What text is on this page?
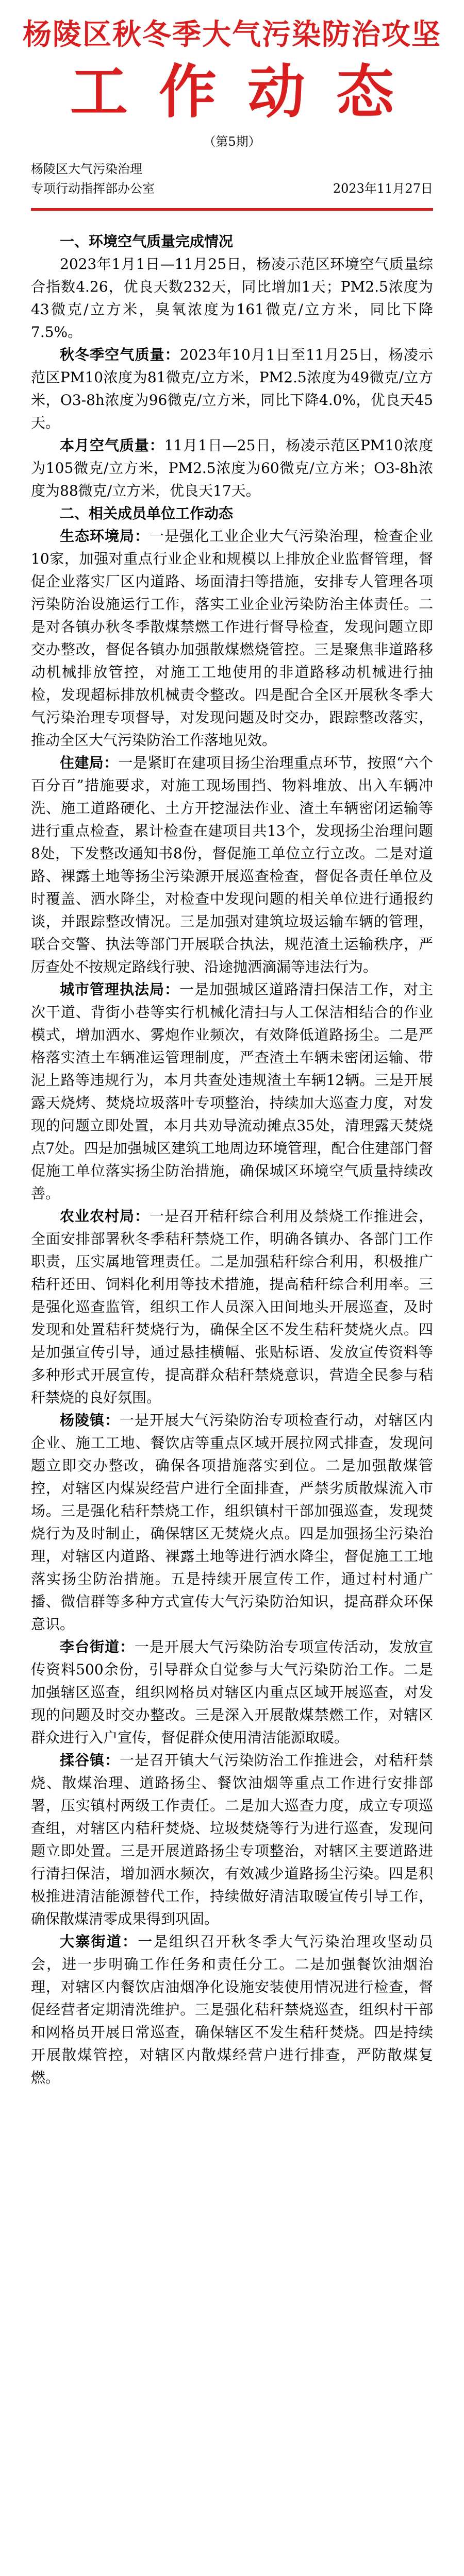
杨陵区秋冬季大气污染防治攻坚
工作动态
（第5期）
杨陵区大气污染治理
专项行动指挥部办公室	2023年11月27日

一、环境空气质量完成情况

2023年1月1日—11月25日，杨凌示范区环境空气质量综合指数4.26，优良天数232天，同比增加1天；PM2.5浓度为43微克/立方米，臭氧浓度为161微克/立方米，同比下降7.5%。

秋冬季空气质量：2023年10月1日至11月25日，杨凌示范区PM10浓度为81微克/立方米，PM2.5浓度为49微克/立方米，O3-8h浓度为96微克/立方米，同比下降4.0%，优良天45天。

本月空气质量：11月1日—25日，杨凌示范区PM10浓度为105微克/立方米，PM2.5浓度为60微克/立方米；O3-8h浓度为88微克/立方米，优良天17天。

二、相关成员单位工作动态

生态环境局：一是强化工业企业大气污染治理，检查企业10家，加强对重点行业企业和规模以上排放企业监督管理，督促企业落实厂区内道路、场面清扫等措施，安排专人管理各项污染防治设施运行工作，落实工业企业污染防治主体责任。二是对各镇办秋冬季散煤禁燃工作进行督导检查，发现问题立即交办整改，督促各镇办加强散煤燃烧管控。三是聚焦非道路移动机械排放管控，对施工工地使用的非道路移动机械进行抽检，发现超标排放机械责令整改。四是配合全区开展秋冬季大气污染治理专项督导，对发现问题及时交办，跟踪整改落实，推动全区大气污染防治工作落地见效。

住建局：一是紧盯在建项目扬尘治理重点环节，按照“六个百分百”措施要求，对施工现场围挡、物料堆放、出入车辆冲洗、施工道路硬化、土方开挖湿法作业、渣土车辆密闭运输等进行重点检查，累计检查在建项目共13个，发现扬尘治理问题8处，下发整改通知书8份，督促施工单位立行立改。二是对道路、裸露土地等扬尘污染源开展巡查检查，督促各责任单位及时覆盖、洒水降尘，对检查中发现问题的相关单位进行通报约谈，并跟踪整改情况。三是加强对建筑垃圾运输车辆的管理，联合交警、执法等部门开展联合执法，规范渣土运输秩序，严厉查处不按规定路线行驶、沿途抛洒滴漏等违法行为。

城市管理执法局：一是加强城区道路清扫保洁工作，对主次干道、背街小巷等实行机械化清扫与人工保洁相结合的作业模式，增加洒水、雾炮作业频次，有效降低道路扬尘。二是严格落实渣土车辆准运管理制度，严查渣土车辆未密闭运输、带泥上路等违规行为，本月共查处违规渣土车辆12辆。三是开展露天烧烤、焚烧垃圾落叶专项整治，持续加大巡查力度，对发现的问题立即处置，本月共劝导流动摊点35处，清理露天焚烧点7处。四是加强城区建筑工地周边环境管理，配合住建部门督促施工单位落实扬尘防治措施，确保城区环境空气质量持续改善。

农业农村局：一是召开秸秆综合利用及禁烧工作推进会，全面安排部署秋冬季秸秆禁烧工作，明确各镇办、各部门工作职责，压实属地管理责任。二是加强秸秆综合利用，积极推广秸秆还田、饲料化利用等技术措施，提高秸秆综合利用率。三是强化巡查监管，组织工作人员深入田间地头开展巡查，及时发现和处置秸秆焚烧行为，确保全区不发生秸秆焚烧火点。四是加强宣传引导，通过悬挂横幅、张贴标语、发放宣传资料等多种形式开展宣传，提高群众秸秆禁烧意识，营造全民参与秸秆禁烧的良好氛围。

杨陵镇：一是开展大气污染防治专项检查行动，对辖区内企业、施工工地、餐饮店等重点区域开展拉网式排查，发现问题立即交办整改，确保各项措施落实到位。二是加强散煤管控，对辖区内煤炭经营户进行全面排查，严禁劣质散煤流入市场。三是强化秸秆禁烧工作，组织镇村干部加强巡查，发现焚烧行为及时制止，确保辖区无焚烧火点。四是加强扬尘污染治理，对辖区内道路、裸露土地等进行洒水降尘，督促施工工地落实扬尘防治措施。五是持续开展宣传工作，通过村村通广播、微信群等多种方式宣传大气污染防治知识，提高群众环保意识。

李台街道：一是开展大气污染防治专项宣传活动，发放宣传资料500余份，引导群众自觉参与大气污染防治工作。二是加强辖区巡查，组织网格员对辖区内重点区域开展巡查，对发现的问题及时交办整改。三是深入开展散煤禁燃工作，对辖区群众进行入户宣传，督促群众使用清洁能源取暖。

揉谷镇：一是召开镇大气污染防治工作推进会，对秸秆禁烧、散煤治理、道路扬尘、餐饮油烟等重点工作进行安排部署，压实镇村两级工作责任。二是加大巡查力度，成立专项巡查组，对辖区内秸秆焚烧、垃圾焚烧等行为进行巡查，发现问题立即处置。三是开展道路扬尘专项整治，对辖区主要道路进行清扫保洁，增加洒水频次，有效减少道路扬尘污染。四是积极推进清洁能源替代工作，持续做好清洁取暖宣传引导工作，确保散煤清零成果得到巩固。

大寨街道：一是组织召开秋冬季大气污染治理攻坚动员会，进一步明确工作任务和责任分工。二是加强餐饮油烟治理，对辖区内餐饮店油烟净化设施安装使用情况进行检查，督促经营者定期清洗维护。三是强化秸秆禁烧巡查，组织村干部和网格员开展日常巡查，确保辖区不发生秸秆焚烧。四是持续开展散煤管控，对辖区内散煤经营户进行排查，严防散煤复燃。
